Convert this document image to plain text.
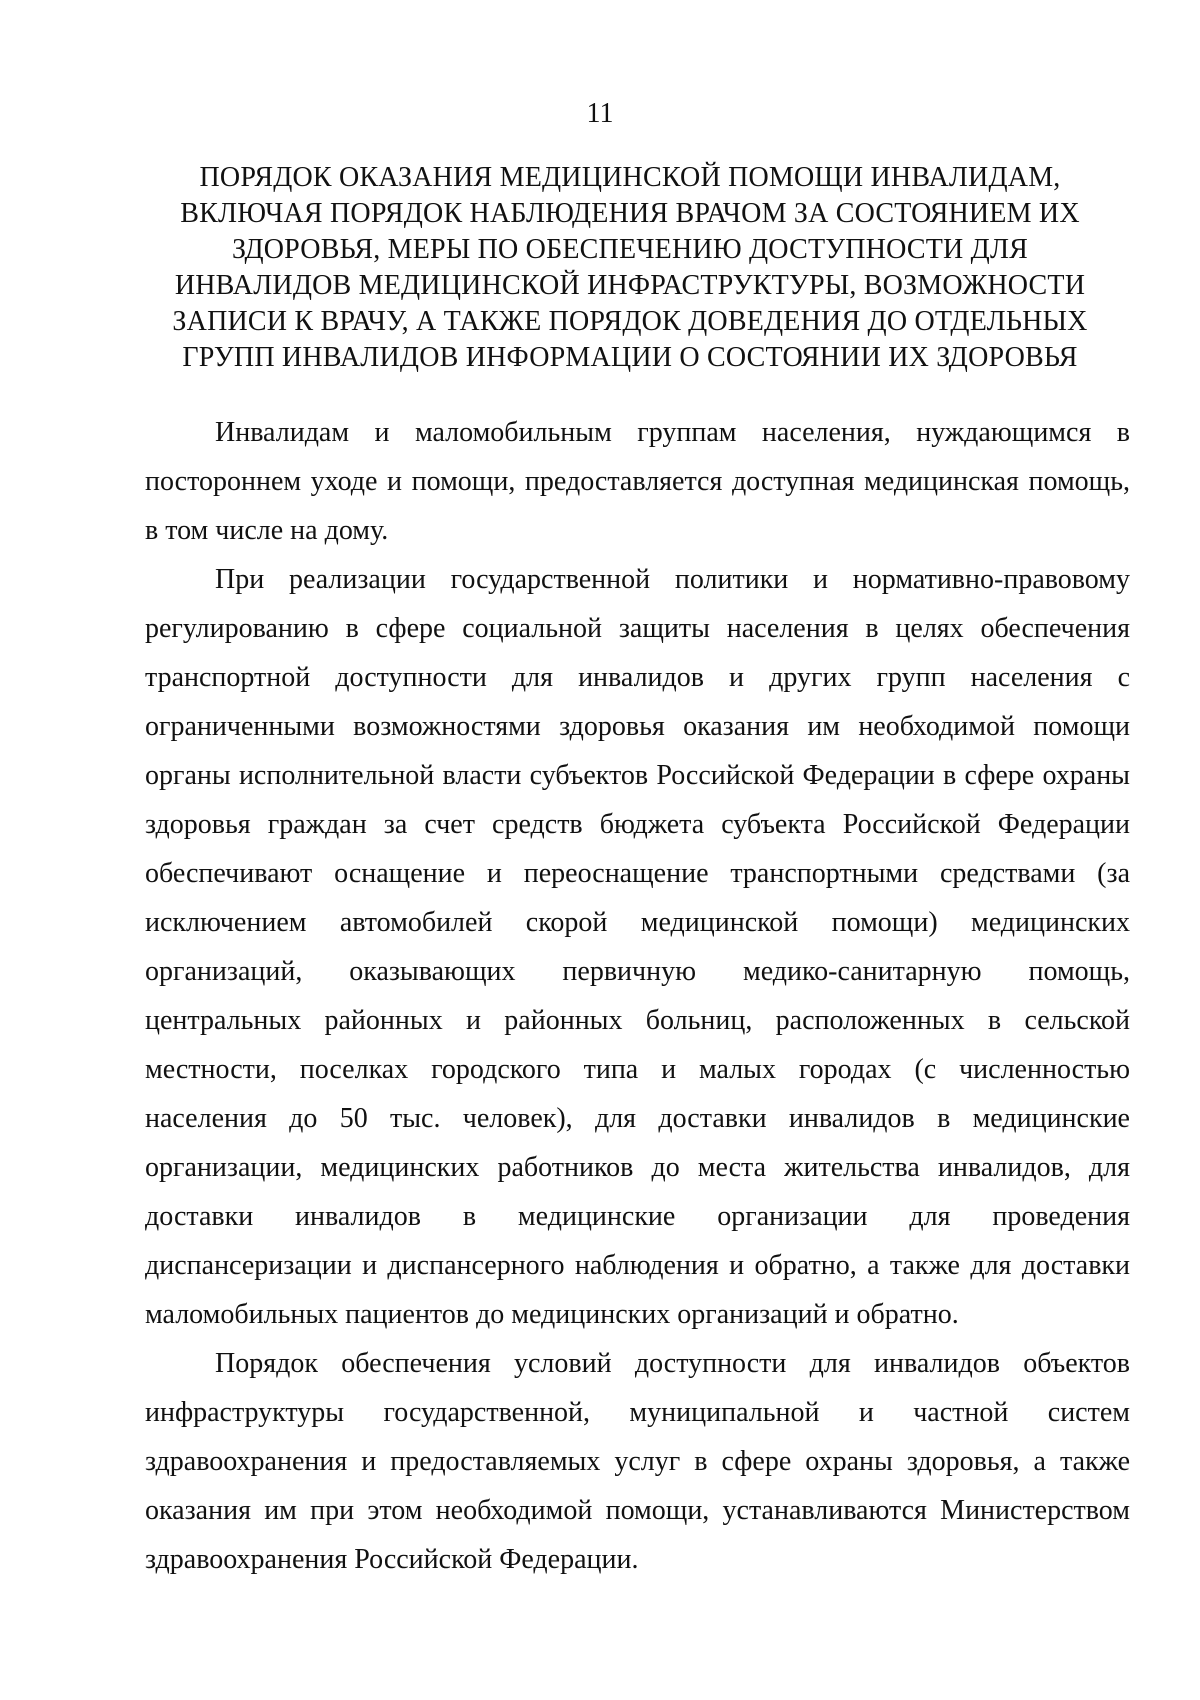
11
ПОРЯДОК ОКАЗАНИЯ МЕДИЦИНСКОЙ ПОМОЩИ ИНВАЛИДАМ,
ВКЛЮЧАЯ ПОРЯДОК НАБЛЮДЕНИЯ ВРАЧОМ ЗА СОСТОЯНИЕМ ИХ
ЗДОРОВЬЯ, МЕРЫ ПО ОБЕСПЕЧЕНИЮ ДОСТУПНОСТИ ДЛЯ
ИНВАЛИДОВ МЕДИЦИНСКОЙ ИНФРАСТРУКТУРЫ, ВОЗМОЖНОСТИ
ЗАПИСИ К ВРАЧУ, А ТАКЖЕ ПОРЯДОК ДОВЕДЕНИЯ ДО ОТДЕЛЬНЫХ
ГРУПП ИНВАЛИДОВ ИНФОРМАЦИИ О СОСТОЯНИИ ИХ ЗДОРОВЬЯ

Инвалидам и маломобильным группам населения, нуждающимся в постороннем уходе и помощи, предоставляется доступная медицинская помощь, в том числе на дому.

При реализации государственной политики и нормативно-правовому регулированию в сфере социальной защиты населения в целях обеспечения транспортной доступности для инвалидов и других групп населения с ограниченными возможностями здоровья оказания им необходимой помощи органы исполнительной власти субъектов Российской Федерации в сфере охраны здоровья граждан за счет средств бюджета субъекта Российской Федерации обеспечивают оснащение и переоснащение транспортными средствами (за исключением автомобилей скорой медицинской помощи) медицинских организаций, оказывающих первичную медико-санитарную помощь, центральных районных и районных больниц, расположенных в сельской местности, поселках городского типа и малых городах (с численностью населения до 50 тыс. человек), для доставки инвалидов в медицинские организации, медицинских работников до места жительства инвалидов, для доставки инвалидов в медицинские организации для проведения диспансеризации и диспансерного наблюдения и обратно, а также для доставки маломобильных пациентов до медицинских организаций и обратно.

Порядок обеспечения условий доступности для инвалидов объектов инфраструктуры государственной, муниципальной и частной систем здравоохранения и предоставляемых услуг в сфере охраны здоровья, а также оказания им при этом необходимой помощи, устанавливаются Министерством здравоохранения Российской Федерации.
